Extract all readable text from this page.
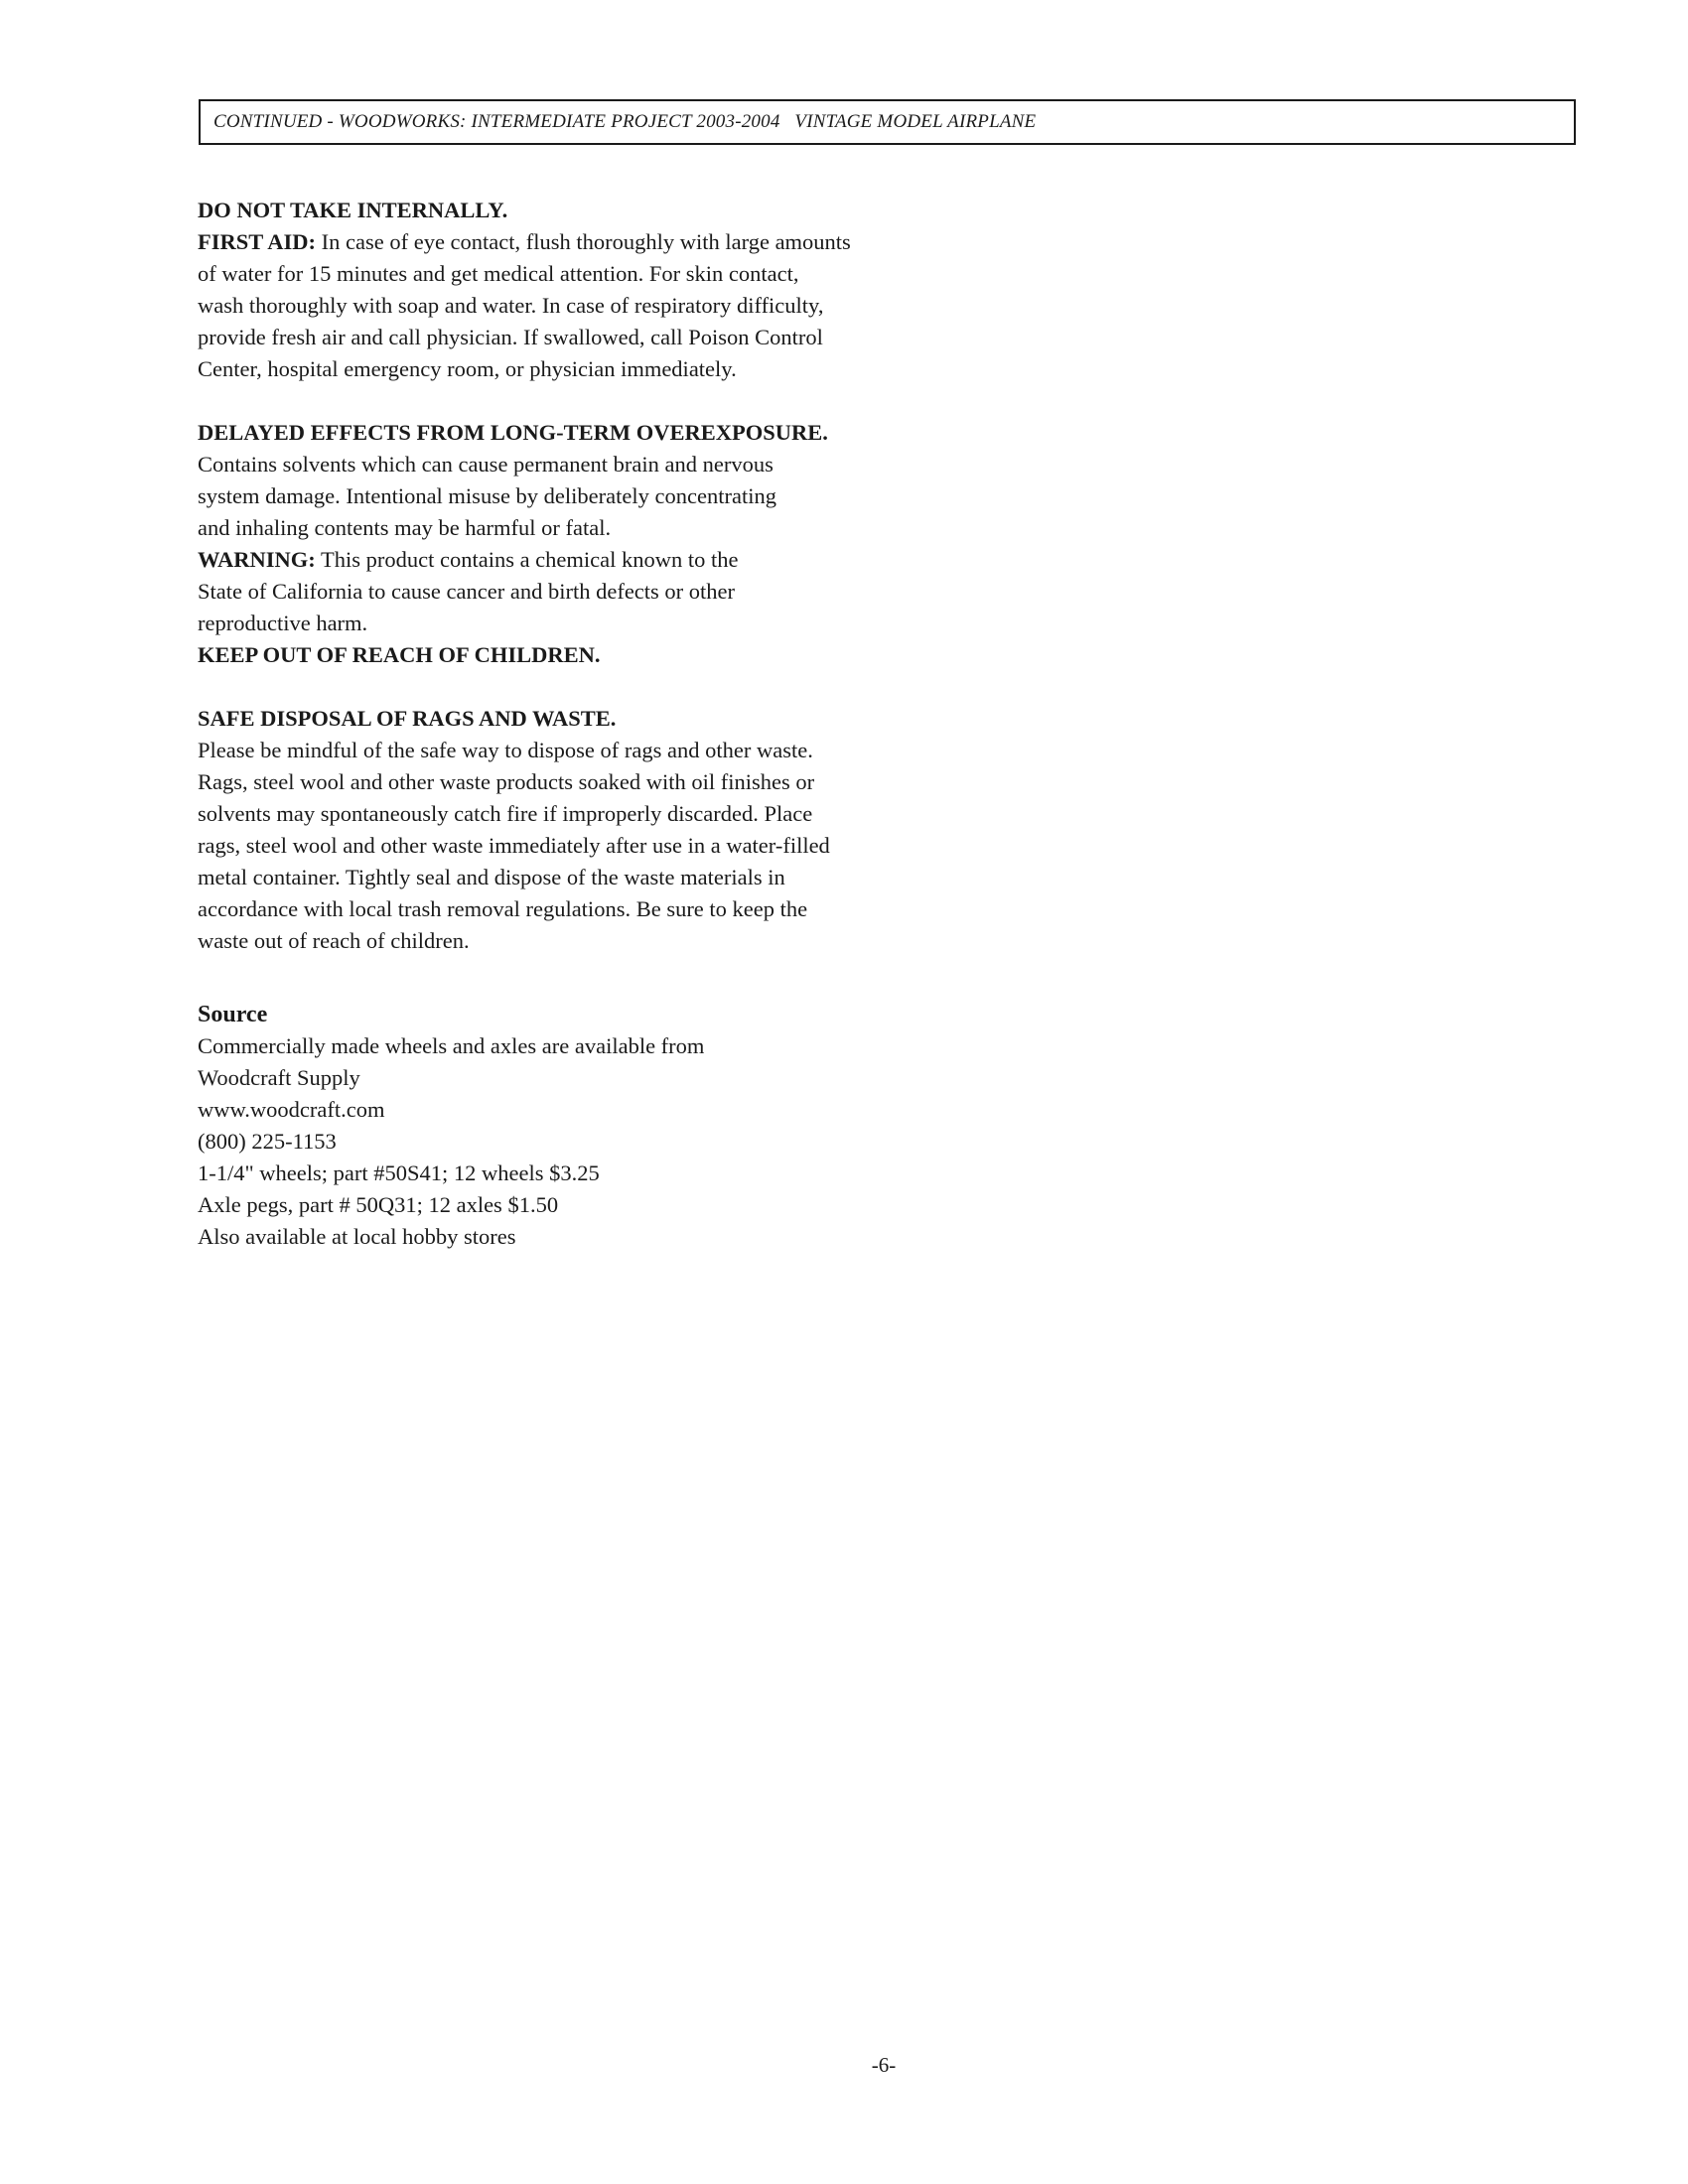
CONTINUED - WOODWORKS: INTERMEDIATE PROJECT 2003-2004   VINTAGE MODEL AIRPLANE
DO NOT TAKE INTERNALLY.
FIRST AID: In case of eye contact, flush thoroughly with large amounts
of water for 15 minutes and get medical attention. For skin contact,
wash thoroughly with soap and water. In case of respiratory difficulty,
provide fresh air and call physician. If swallowed, call Poison Control
Center, hospital emergency room, or physician immediately.
DELAYED EFFECTS FROM LONG-TERM OVEREXPOSURE.
Contains solvents which can cause permanent brain and nervous
system damage. Intentional misuse by deliberately concentrating
and inhaling contents may be harmful or fatal.
WARNING: This product contains a chemical known to the
State of California to cause cancer and birth defects or other
reproductive harm.
KEEP OUT OF REACH OF CHILDREN.
SAFE DISPOSAL OF RAGS AND WASTE.
Please be mindful of the safe way to dispose of rags and other waste.
Rags, steel wool and other waste products soaked with oil finishes or
solvents may spontaneously catch fire if improperly discarded. Place
rags, steel wool and other waste immediately after use in a water-filled
metal container. Tightly seal and dispose of the waste materials in
accordance with local trash removal regulations. Be sure to keep the
waste out of reach of children.
Source
Commercially made wheels and axles are available from
Woodcraft Supply
www.woodcraft.com
(800) 225-1153
1-1/4" wheels; part #50S41; 12 wheels $3.25
Axle pegs, part # 50Q31; 12 axles $1.50
Also available at local hobby stores
-6-
